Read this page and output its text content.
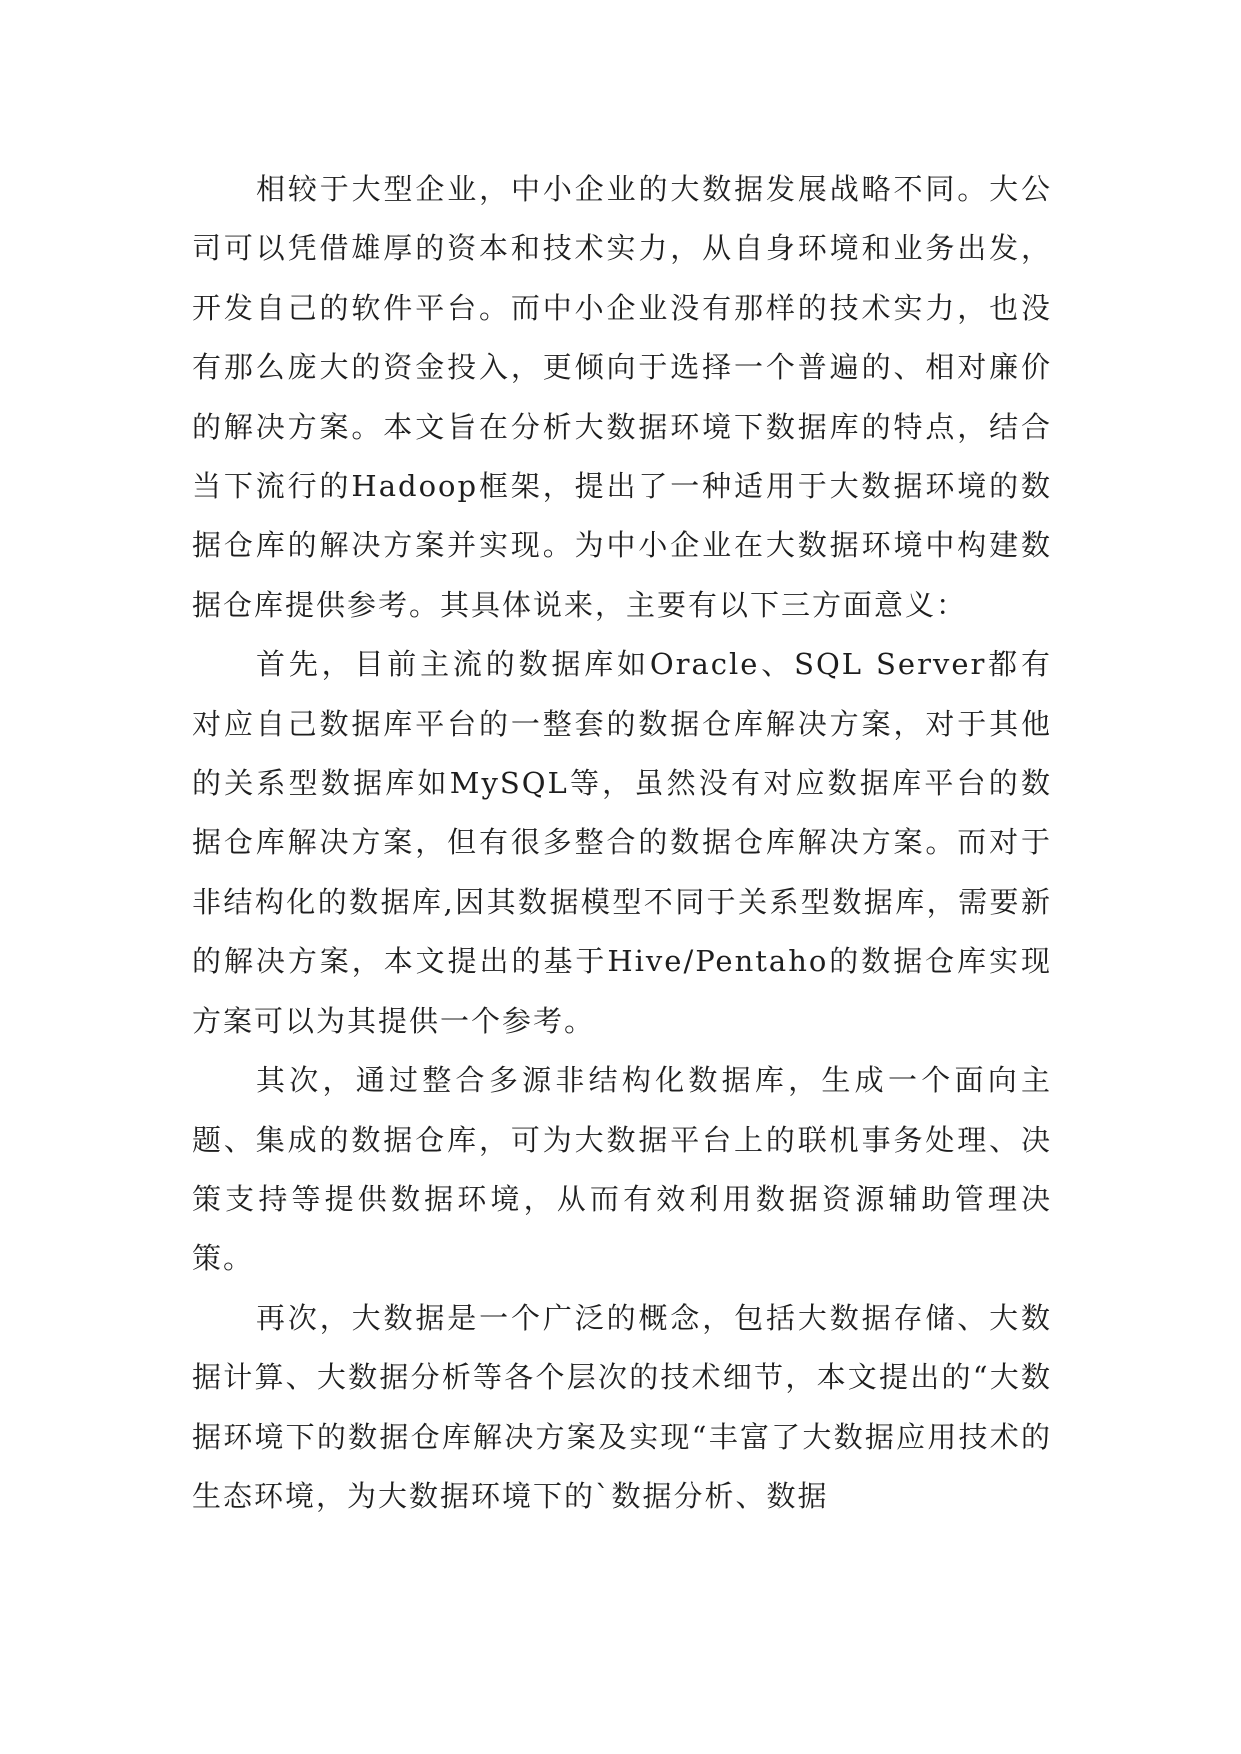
相较于大型企业，中小企业的大数据发展战略不同。大公司可以凭借雄厚的资本和技术实力，从自身环境和业务出发，开发自己的软件平台。而中小企业没有那样的技术实力，也没有那么庞大的资金投入，更倾向于选择一个普遍的、相对廉价的解决方案。本文旨在分析大数据环境下数据库的特点，结合当下流行的Hadoop框架，提出了一种适用于大数据环境的数据仓库的解决方案并实现。为中小企业在大数据环境中构建数据仓库提供参考。其具体说来，主要有以下三方面意义：

首先，目前主流的数据库如Oracle、SQL Server都有对应自己数据库平台的一整套的数据仓库解决方案，对于其他的关系型数据库如MySQL等，虽然没有对应数据库平台的数据仓库解决方案，但有很多整合的数据仓库解决方案。而对于非结构化的数据库,因其数据模型不同于关系型数据库，需要新的解决方案，本文提出的基于Hive/Pentaho的数据仓库实现方案可以为其提供一个参考。

其次，通过整合多源非结构化数据库，生成一个面向主题、集成的数据仓库，可为大数据平台上的联机事务处理、决策支持等提供数据环境，从而有效利用数据资源辅助管理决策。

再次，大数据是一个广泛的概念，包括大数据存储、大数据计算、大数据分析等各个层次的技术细节，本文提出的“大数据环境下的数据仓库解决方案及实现“丰富了大数据应用技术的生态环境，为大数据环境下的`数据分析、数据
